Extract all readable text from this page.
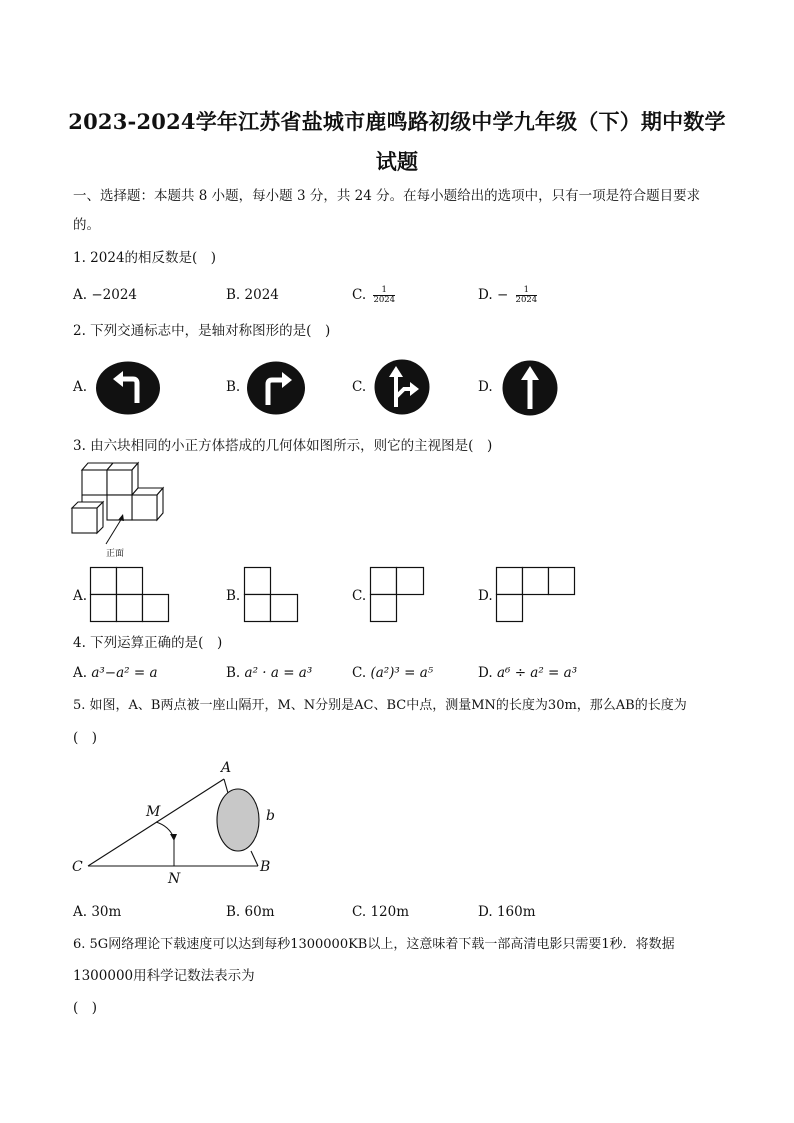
2023-2024学年江苏省盐城市鹿鸣路初级中学九年级（下）期中数学
试题
一、选择题：本题共 8 小题，每小题 3 分，共 24 分。在每小题给出的选项中，只有一项是符合题目要求
的。
1. 2024的相反数是(　)
A. −2024	B. 2024	C. $\frac{1}{2024}$	D. − $\frac{1}{2024}$
2. 下列交通标志中，是轴对称图形的是(　)
A.	B.	C.	D.
3. 由六块相同的小正方体搭成的几何体如图所示，则它的主视图是(　)
正面
A.	B.	C.	D.
4. 下列运算正确的是(　)
A. a³−a² = a	B. a² · a = a³	C. (a²)³ = a⁵	D. a⁶ ÷ a² = a³
5. 如图，A、B两点被一座山隔开，M、N分别是AC、BC中点，测量MN的长度为30m，那么AB的长度为
(　)
A
B
C
M
N
b
A. 30m	B. 60m	C. 120m	D. 160m
6. 5G网络理论下载速度可以达到每秒1300000KB以上，这意味着下载一部高清电影只需要1秒．将数据
1300000用科学记数法表示为
(　)
